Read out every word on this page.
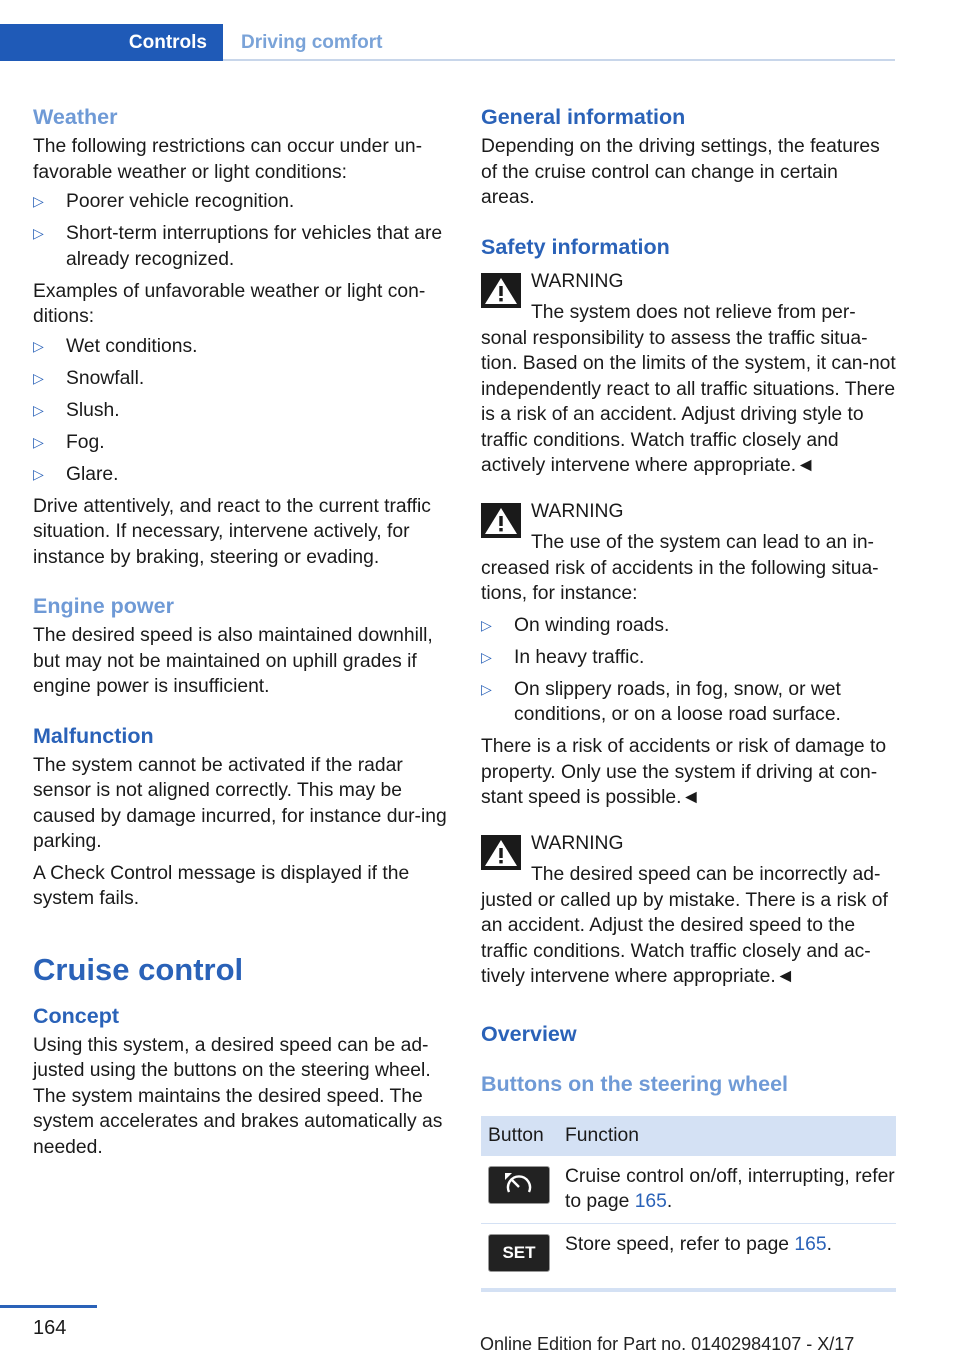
Controls Driving comfort
Weather

The following restrictions can occur under un-favorable weather or light conditions:

▷ Poorer vehicle recognition.
▷ Short-term interruptions for vehicles that are already recognized.

Examples of unfavorable weather or light con-ditions:

▷ Wet conditions.
▷ Snowfall.
▷ Slush.
▷ Fog.
▷ Glare.

Drive attentively, and react to the current traffic situation. If necessary, intervene actively, for instance by braking, steering or evading.

Engine power

The desired speed is also maintained downhill, but may not be maintained on uphill grades if engine power is insufficient.

Malfunction

The system cannot be activated if the radar sensor is not aligned correctly. This may be caused by damage incurred, for instance dur-ing parking.

A Check Control message is displayed if the system fails.

Cruise control
Concept

Using this system, a desired speed can be ad-justed using the buttons on the steering wheel. The system maintains the desired speed. The system accelerates and brakes automatically as needed.

General information

Depending on the driving settings, the features of the cruise control can change in certain areas.

Safety information

WARNING

The system does not relieve from per-sonal responsibility to assess the traffic situa-tion. Based on the limits of the system, it can-not independently react to all traffic situations. There is a risk of an accident. Adjust driving style to traffic conditions. Watch traffic closely and actively intervene where appropriate.◄

WARNING

The use of the system can lead to an in-creased risk of accidents in the following situa-tions, for instance:

▷ On winding roads.
▷ In heavy traffic.
▷ On slippery roads, in fog, snow, or wet conditions, or on a loose road surface.

There is a risk of accidents or risk of damage to property. Only use the system if driving at con-stant speed is possible.◄

WARNING

The desired speed can be incorrectly ad-justed or called up by mistake. There is a risk of an accident. Adjust the desired speed to the traffic conditions. Watch traffic closely and ac-tively intervene where appropriate.◄

Overview
Buttons on the steering wheel
Button	Function

	Cruise control on/off, interrupting, refer to page 165.

SET	Store speed, refer to page 165.
164
Online Edition for Part no. 01402984107 - X/17
